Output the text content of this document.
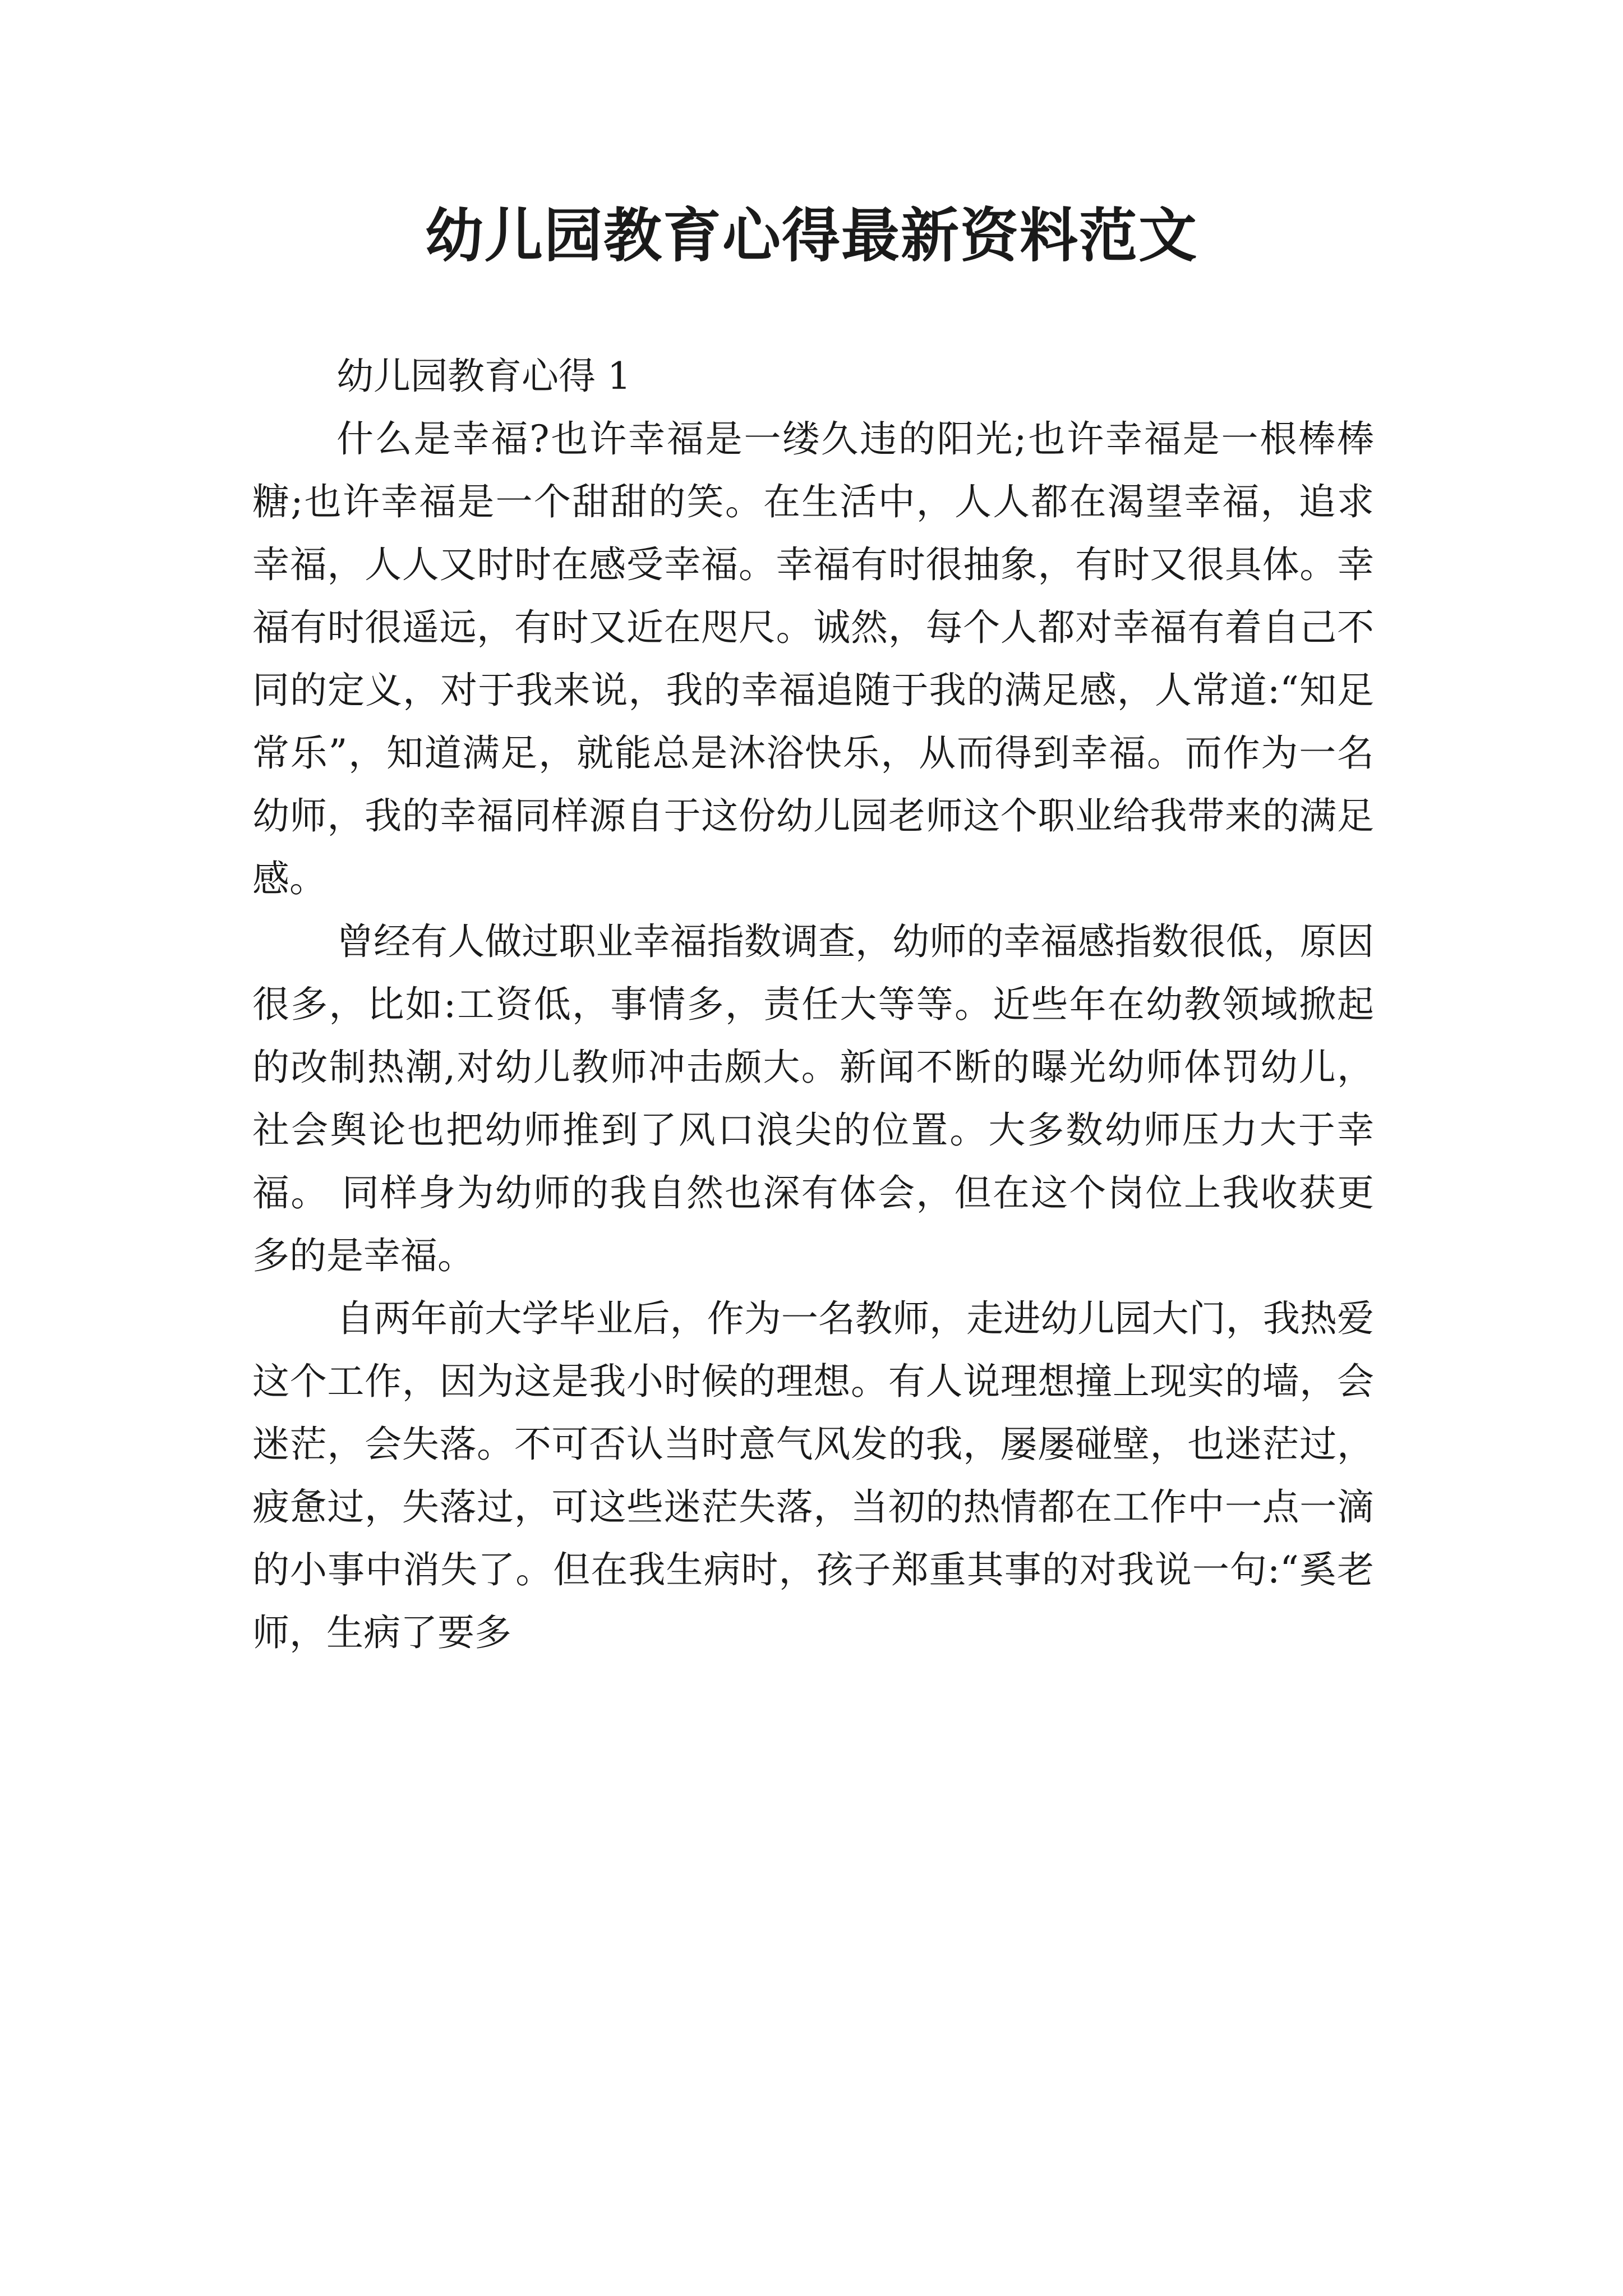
幼儿园教育心得最新资料范文
幼儿园教育心得 1

什么是幸福?也许幸福是一缕久违的阳光;也许幸福是一根棒棒糖;也许幸福是一个甜甜的笑。在生活中，人人都在渴望幸福，追求幸福，人人又时时在感受幸福。幸福有时很抽象，有时又很具体。幸福有时很遥远，有时又近在咫尺。诚然，每个人都对幸福有着自己不同的定义，对于我来说，我的幸福追随于我的满足感，人常道:“知足常乐”，知道满足，就能总是沐浴快乐，从而得到幸福。而作为一名幼师，我的幸福同样源自于这份幼儿园老师这个职业给我带来的满足感。

曾经有人做过职业幸福指数调查，幼师的幸福感指数很低，原因很多，比如:工资低，事情多，责任大等等。近些年在幼教领域掀起的改制热潮,对幼儿教师冲击颇大。新闻不断的曝光幼师体罚幼儿，社会舆论也把幼师推到了风口浪尖的位置。大多数幼师压力大于幸福。 同样身为幼师的我自然也深有体会，但在这个岗位上我收获更多的是幸福。

自两年前大学毕业后，作为一名教师，走进幼儿园大门，我热爱这个工作，因为这是我小时候的理想。有人说理想撞上现实的墙，会迷茫，会失落。不可否认当时意气风发的我，屡屡碰壁，也迷茫过，疲惫过，失落过，可这些迷茫失落，当初的热情都在工作中一点一滴的小事中消失了。但在我生病时，孩子郑重其事的对我说一句:“奚老师，生病了要多
